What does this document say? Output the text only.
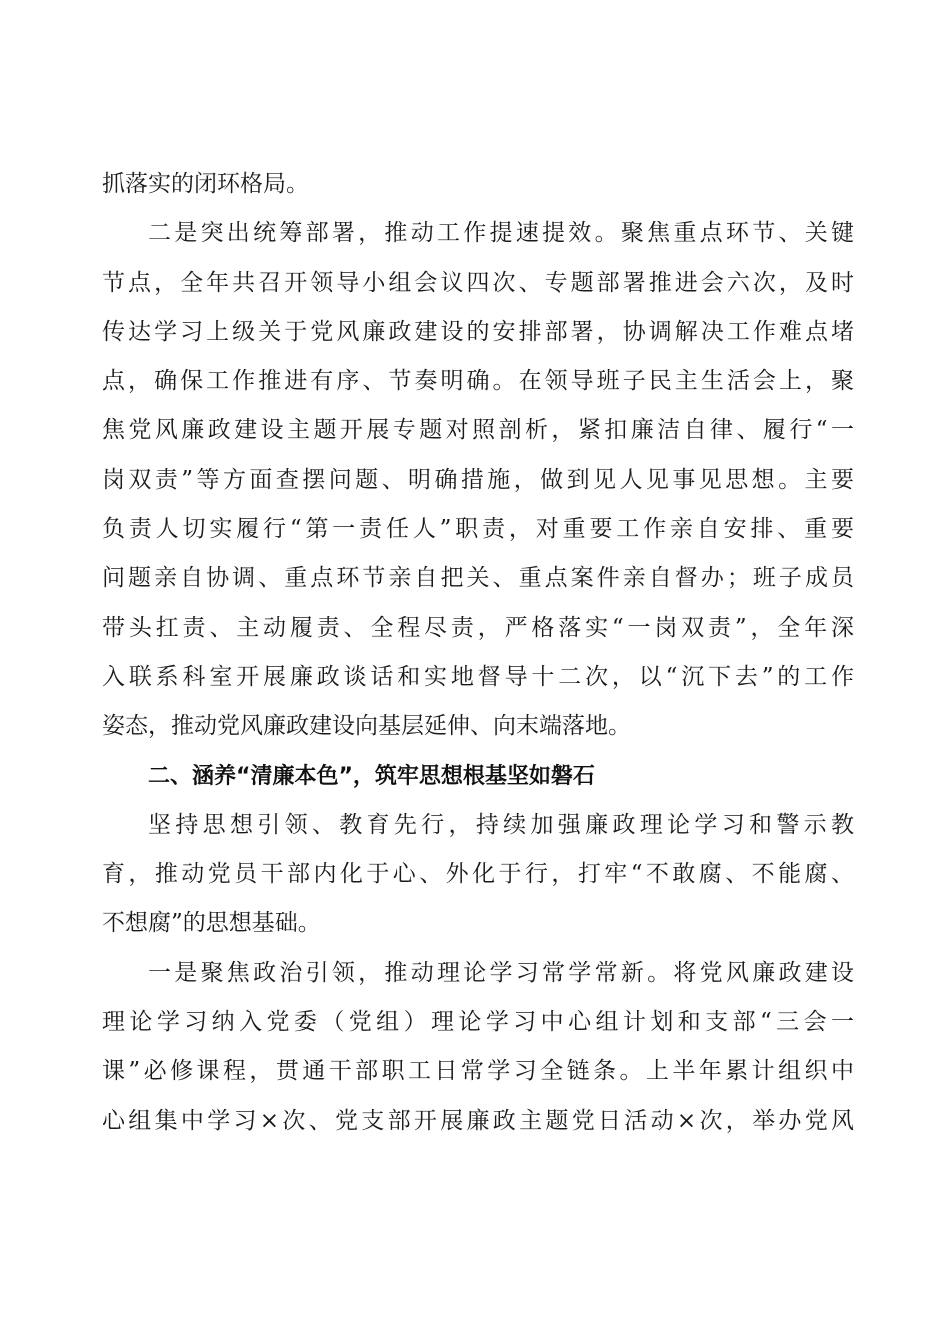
抓落实的闭环格局。
二是突出统筹部署，推动工作提速提效。聚焦重点环节、关键
节点，全年共召开领导小组会议四次、专题部署推进会六次，及时
传达学习上级关于党风廉政建设的安排部署，协调解决工作难点堵
点，确保工作推进有序、节奏明确。在领导班子民主生活会上，聚
焦党风廉政建设主题开展专题对照剖析，紧扣廉洁自律、履行“一
岗双责”等方面查摆问题、明确措施，做到见人见事见思想。主要
负责人切实履行“第一责任人”职责，对重要工作亲自安排、重要
问题亲自协调、重点环节亲自把关、重点案件亲自督办；班子成员
带头扛责、主动履责、全程尽责，严格落实“一岗双责”，全年深
入联系科室开展廉政谈话和实地督导十二次，以“沉下去”的工作
姿态，推动党风廉政建设向基层延伸、向末端落地。
二、涵养“清廉本色”，筑牢思想根基坚如磐石
坚持思想引领、教育先行，持续加强廉政理论学习和警示教
育，推动党员干部内化于心、外化于行，打牢“不敢腐、不能腐、
不想腐”的思想基础。
一是聚焦政治引领，推动理论学习常学常新。将党风廉政建设
理论学习纳入党委（党组）理论学习中心组计划和支部“三会一
课”必修课程，贯通干部职工日常学习全链条。上半年累计组织中
心组集中学习×次、党支部开展廉政主题党日活动×次，举办党风
